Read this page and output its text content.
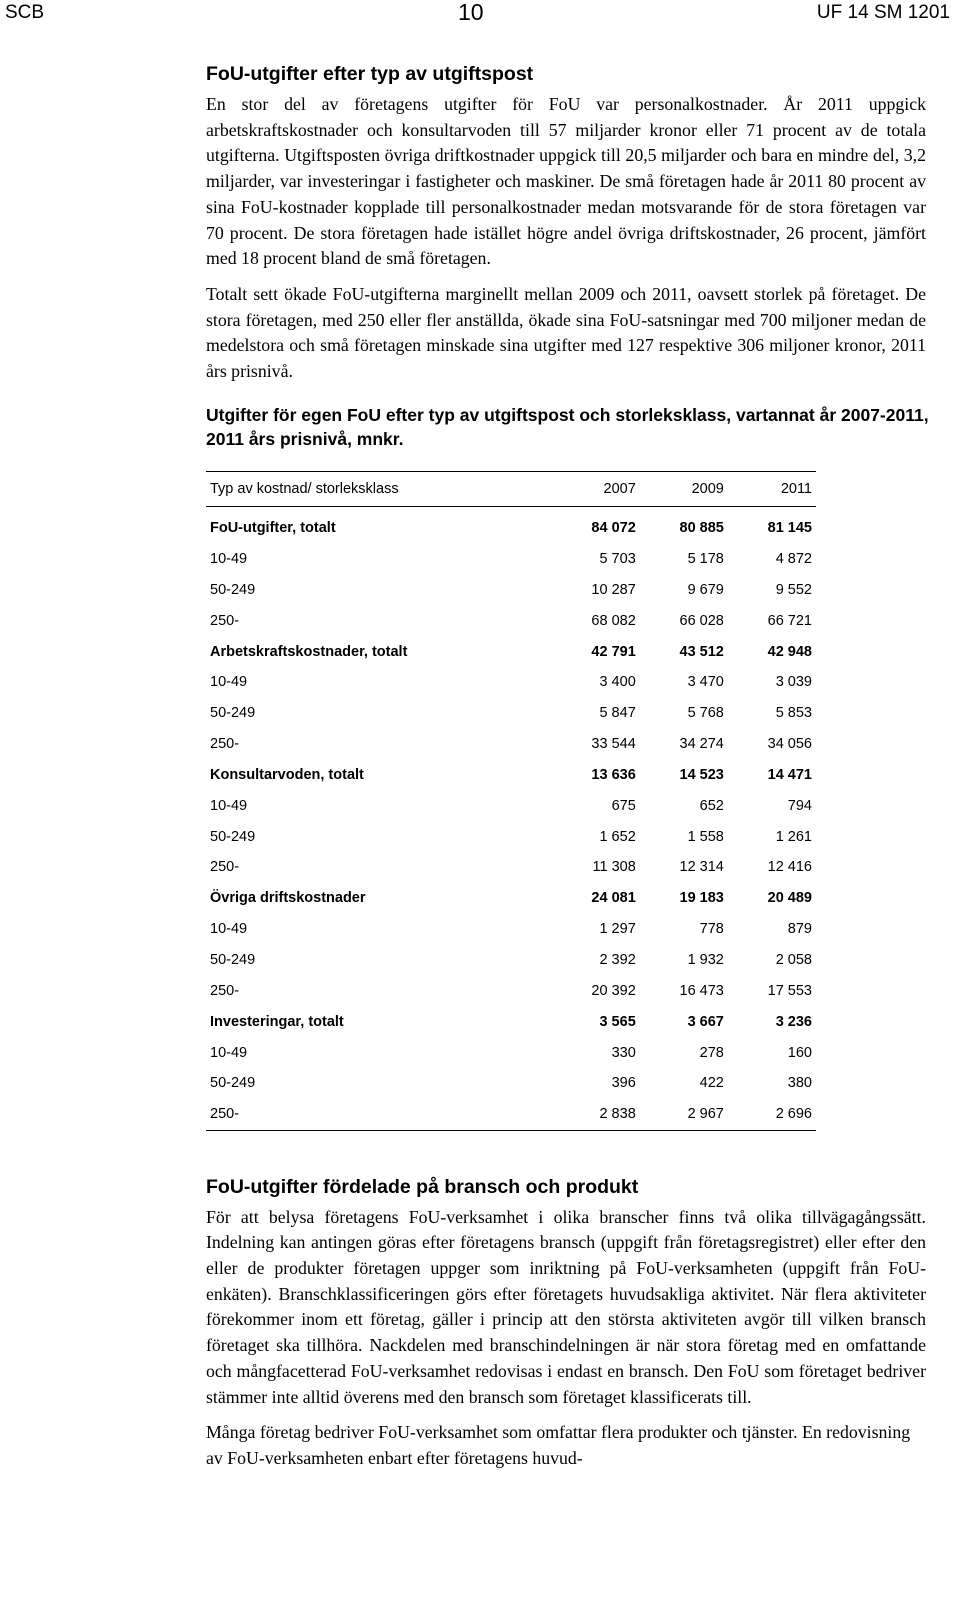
SCB	10	UF 14 SM 1201
FoU-utgifter efter typ av utgiftspost

En stor del av företagens utgifter för FoU var personalkostnader. År 2011 uppgick arbetskraftskostnader och konsultarvoden till 57 miljarder kronor eller 71 procent av de totala utgifterna. Utgiftsposten övriga driftkostnader uppgick till 20,5 miljarder och bara en mindre del, 3,2 miljarder, var investeringar i fastigheter och maskiner. De små företagen hade år 2011 80 procent av sina FoU-kostnader kopplade till personalkostnader medan motsvarande för de stora företagen var 70 procent. De stora företagen hade istället högre andel övriga driftskostnader, 26 procent, jämfört med 18 procent bland de små företagen.

Totalt sett ökade FoU-utgifterna marginellt mellan 2009 och 2011, oavsett storlek på företaget. De stora företagen, med 250 eller fler anställda, ökade sina FoU-satsningar med 700 miljoner medan de medelstora och små företagen minskade sina utgifter med 127 respektive 306 miljoner kronor, 2011 års prisnivå.

Utgifter för egen FoU efter typ av utgiftspost och storleksklass, vartannat år 2007-2011, 2011 års prisnivå, mnkr.
Typ av kostnad/ storleksklass	2007	2009	2011
FoU-utgifter, totalt	84 072	80 885	81 145
10-49	5 703	5 178	4 872
50-249	10 287	9 679	9 552
250-	68 082	66 028	66 721
Arbetskraftskostnader, totalt	42 791	43 512	42 948
10-49	3 400	3 470	3 039
50-249	5 847	5 768	5 853
250-	33 544	34 274	34 056
Konsultarvoden, totalt	13 636	14 523	14 471
10-49	675	652	794
50-249	1 652	1 558	1 261
250-	11 308	12 314	12 416
Övriga driftskostnader	24 081	19 183	20 489
10-49	1 297	778	879
50-249	2 392	1 932	2 058
250-	20 392	16 473	17 553
Investeringar, totalt	3 565	3 667	3 236
10-49	330	278	160
50-249	396	422	380
250-	2 838	2 967	2 696
FoU-utgifter fördelade på bransch och produkt

För att belysa företagens FoU-verksamhet i olika branscher finns två olika tillvägagångssätt. Indelning kan antingen göras efter företagens bransch (uppgift från företagsregistret) eller efter den eller de produkter företagen uppger som inriktning på FoU-verksamheten (uppgift från FoU-enkäten). Branschklassificeringen görs efter företagets huvudsakliga aktivitet. När flera aktiviteter förekommer inom ett företag, gäller i princip att den största aktiviteten avgör till vilken bransch företaget ska tillhöra. Nackdelen med branschindelningen är när stora företag med en omfattande och mångfacetterad FoU-verksamhet redovisas i endast en bransch. Den FoU som företaget bedriver stämmer inte alltid överens med den bransch som företaget klassificerats till.

Många företag bedriver FoU-verksamhet som omfattar flera produkter och tjänster. En redovisning av FoU-verksamheten enbart efter företagens huvud-
